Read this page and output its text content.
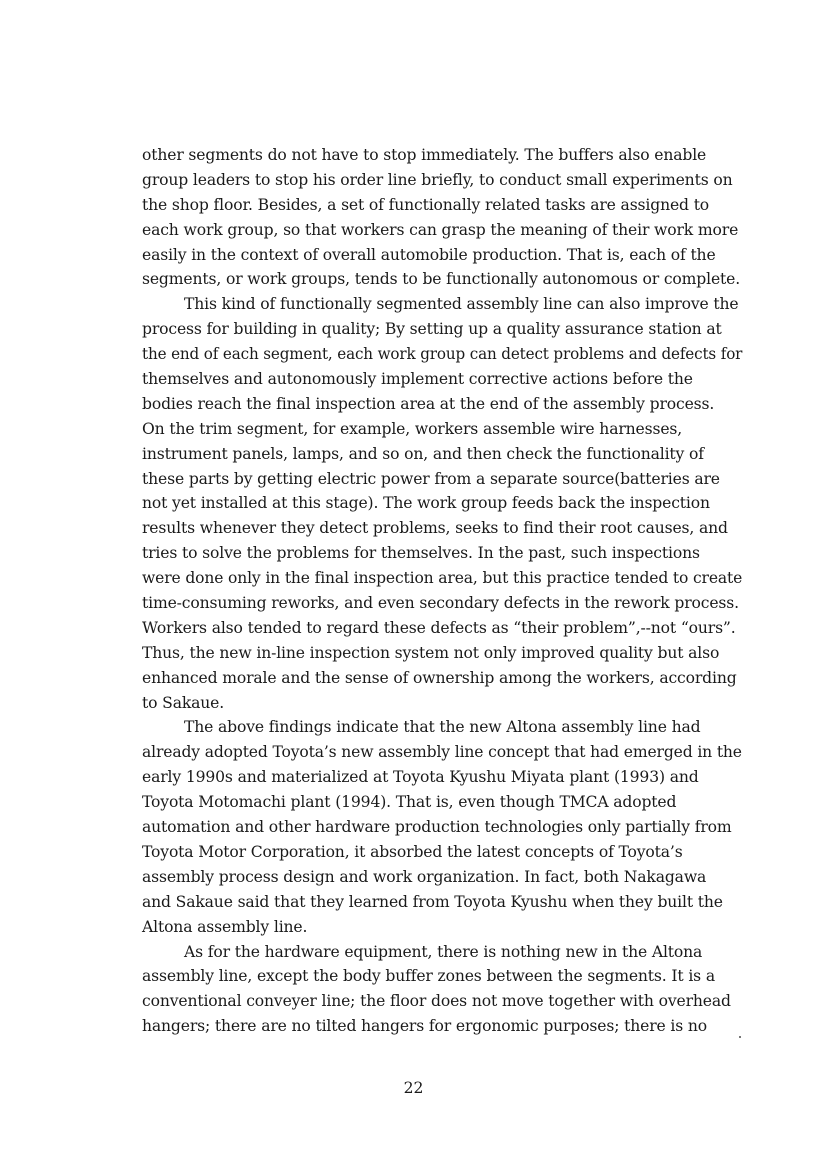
other segments do not have to stop immediately. The buffers also enable
group leaders to stop his order line briefly, to conduct small experiments on
the shop floor. Besides, a set of functionally related tasks are assigned to
each work group, so that workers can grasp the meaning of their work more
easily in the context of overall automobile production. That is, each of the
segments, or work groups, tends to be functionally autonomous or complete.
This kind of functionally segmented assembly line can also improve the
process for building in quality; By setting up a quality assurance station at
the end of each segment, each work group can detect problems and defects for
themselves and autonomously implement corrective actions before the
bodies reach the final inspection area at the end of the assembly process.
On the trim segment, for example, workers assemble wire harnesses,
instrument panels, lamps, and so on, and then check the functionality of
these parts by getting electric power from a separate source(batteries are
not yet installed at this stage). The work group feeds back the inspection
results whenever they detect problems, seeks to find their root causes, and
tries to solve the problems for themselves. In the past, such inspections
were done only in the final inspection area, but this practice tended to create
time-consuming reworks, and even secondary defects in the rework process.
Workers also tended to regard these defects as “their problem”,--not “ours”.
Thus, the new in-line inspection system not only improved quality but also
enhanced morale and the sense of ownership among the workers, according
to Sakaue.
The above findings indicate that the new Altona assembly line had
already adopted Toyota’s new assembly line concept that had emerged in the
early 1990s and materialized at Toyota Kyushu Miyata plant (1993) and
Toyota Motomachi plant (1994). That is, even though TMCA adopted
automation and other hardware production technologies only partially from
Toyota Motor Corporation, it absorbed the latest concepts of Toyota’s
assembly process design and work organization. In fact, both Nakagawa
and Sakaue said that they learned from Toyota Kyushu when they built the
Altona assembly line.
As for the hardware equipment, there is nothing new in the Altona
assembly line, except the body buffer zones between the segments. It is a
conventional conveyer line; the floor does not move together with overhead
hangers; there are no tilted hangers for ergonomic purposes; there is no
22
